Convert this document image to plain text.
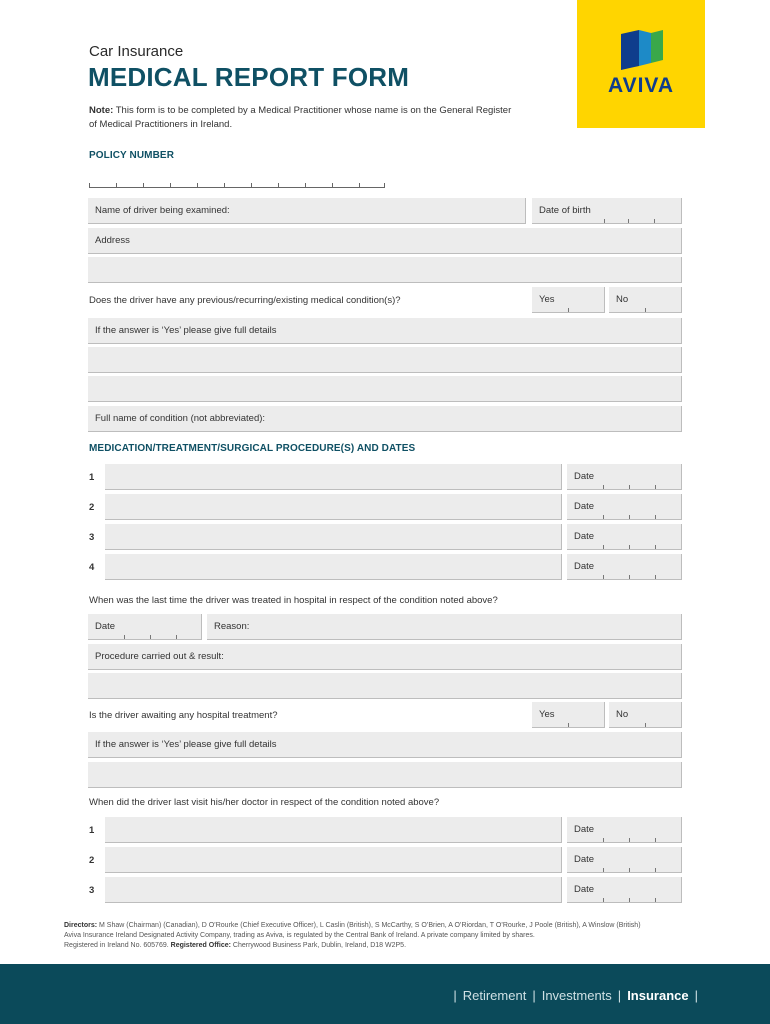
AVIVA
Car Insurance
MEDICAL REPORT FORM
Note: This form is to be completed by a Medical Practitioner whose name is on the General Register of Medical Practitioners in Ireland.
POLICY NUMBER
Name of driver being examined:	Date of birth
Address
Does the driver have any previous/recurring/existing medical condition(s)?	Yes	No
If the answer is ‘Yes’ please give full details
Full name of condition (not abbreviated):
MEDICATION/TREATMENT/SURGICAL PROCEDURE(S) AND DATES
1	Date
2	Date
3	Date
4	Date
When was the last time the driver was treated in hospital in respect of the condition noted above?
Date	Reason:
Procedure carried out & result:
Is the driver awaiting any hospital treatment?	Yes	No
If the answer is ‘Yes’ please give full details
When did the driver last visit his/her doctor in respect of the condition noted above?
1	Date
2	Date
3	Date
Directors: M Shaw (Chairman) (Canadian), D O’Rourke (Chief Executive Officer), L Caslin (British), S McCarthy, S O’Brien, A O’Riordan, T O’Rourke, J Poole (British), A Winslow (British)
Aviva Insurance Ireland Designated Activity Company, trading as Aviva, is regulated by the Central Bank of Ireland. A private company limited by shares.
Registered in Ireland No. 605769. Registered Office: Cherrywood Business Park, Dublin, Ireland, D18 W2P5.
| Retirement | Investments | Insurance |
